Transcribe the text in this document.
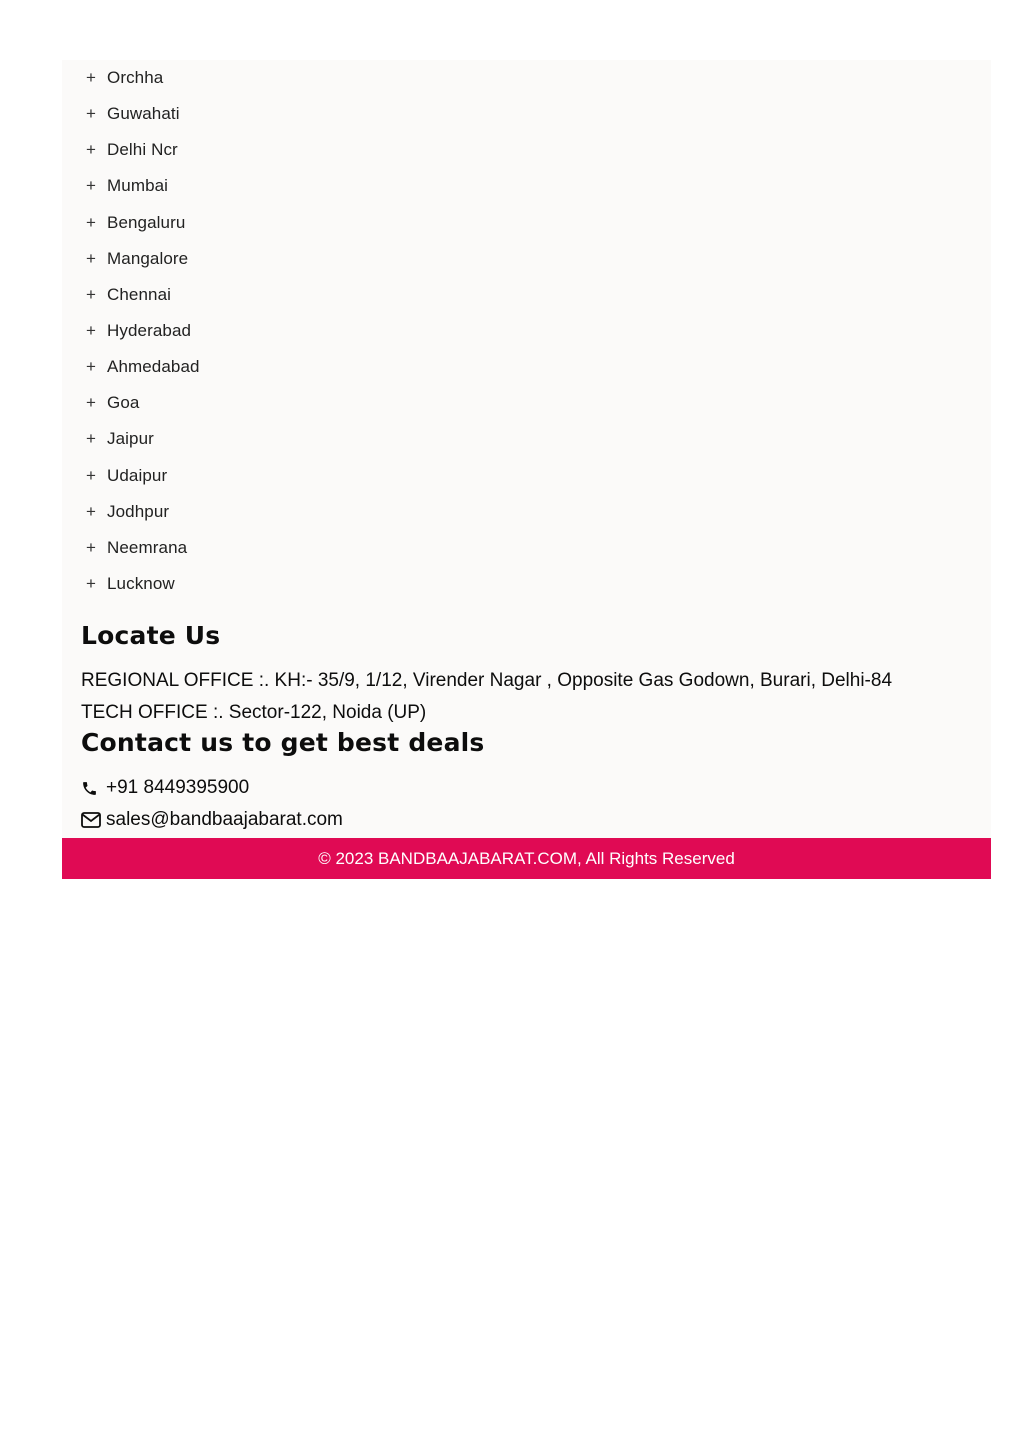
+ Orchha
+ Guwahati
+ Delhi Ncr
+ Mumbai
+ Bengaluru
+ Mangalore
+ Chennai
+ Hyderabad
+ Ahmedabad
+ Goa
+ Jaipur
+ Udaipur
+ Jodhpur
+ Neemrana
+ Lucknow
Locate Us

REGIONAL OFFICE :. KH:- 35/9, 1/12, Virender Nagar , Opposite Gas Godown, Burari, Delhi-84

TECH OFFICE :. Sector-122, Noida (UP)

Contact us to get best deals
+91 8449395900
sales@bandbaajabarat.com
© 2023 BANDBAAJABARAT.COM, All Rights Reserved
